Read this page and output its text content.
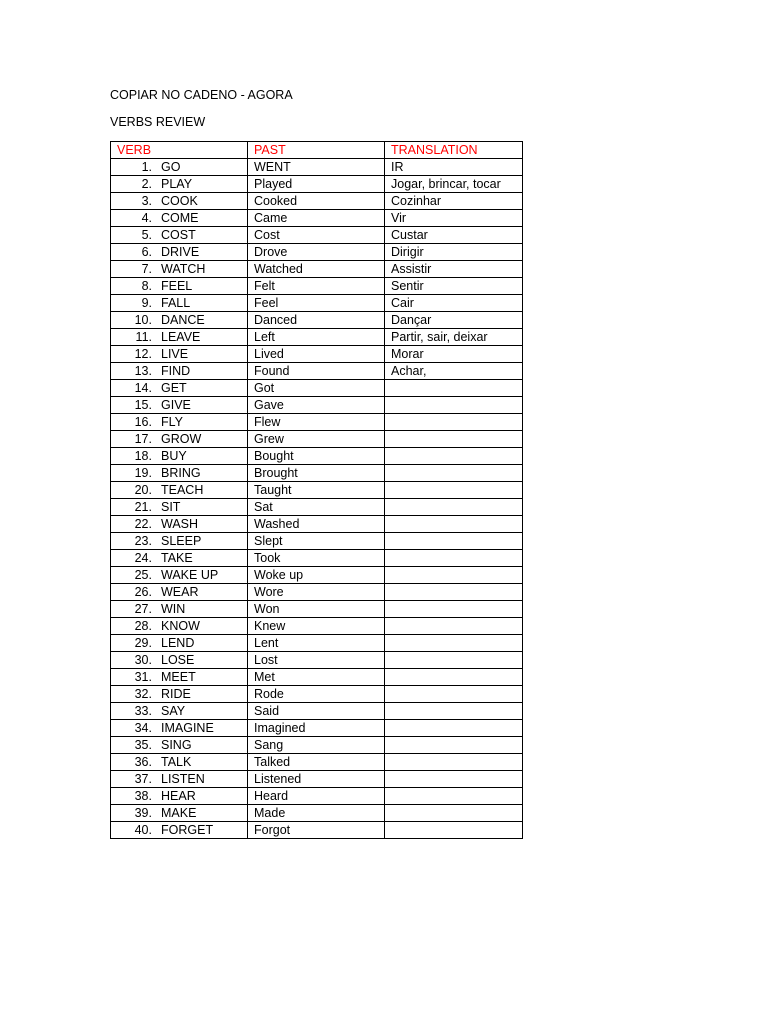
COPIAR NO CADENO - AGORA
VERBS REVIEW
VERB	PAST	TRANSLATION
1. GO	WENT	IR
2. PLAY	Played	Jogar, brincar, tocar
3. COOK	Cooked	Cozinhar
4. COME	Came	Vir
5. COST	Cost	Custar
6. DRIVE	Drove	Dirigir
7. WATCH	Watched	Assistir
8. FEEL	Felt	Sentir
9. FALL	Feel	Cair
10. DANCE	Danced	Dançar
11. LEAVE	Left	Partir, sair, deixar
12. LIVE	Lived	Morar
13. FIND	Found	Achar,
14. GET	Got	
15. GIVE	Gave	
16. FLY	Flew	
17. GROW	Grew	
18. BUY	Bought	
19. BRING	Brought	
20. TEACH	Taught	
21. SIT	Sat	
22. WASH	Washed	
23. SLEEP	Slept	
24. TAKE	Took	
25. WAKE UP	Woke up	
26. WEAR	Wore	
27. WIN	Won	
28. KNOW	Knew	
29. LEND	Lent	
30. LOSE	Lost	
31. MEET	Met	
32. RIDE	Rode	
33. SAY	Said	
34. IMAGINE	Imagined	
35. SING	Sang	
36. TALK	Talked	
37. LISTEN	Listened	
38. HEAR	Heard	
39. MAKE	Made	
40. FORGET	Forgot	
